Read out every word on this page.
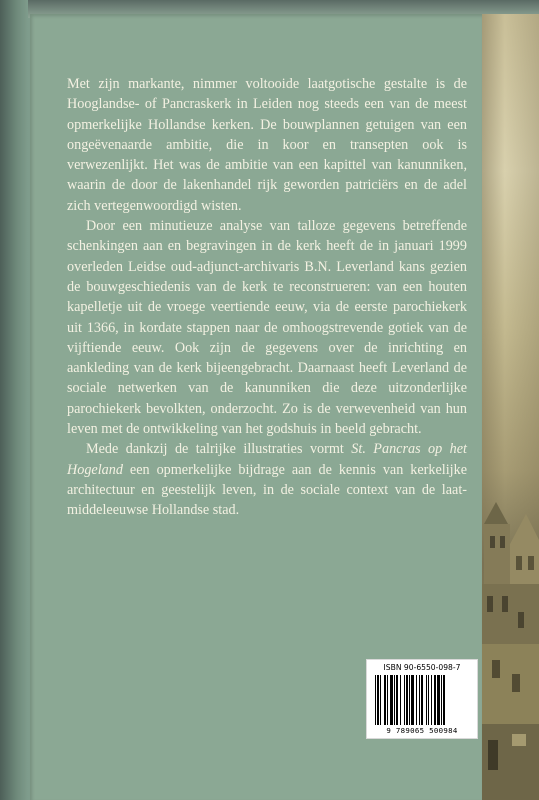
Met zijn markante, nimmer voltooide laatgotische gestalte is de Hooglandse- of Pancraskerk in Leiden nog steeds een van de meest opmerkelijke Hollandse kerken. De bouwplannen getuigen van een ongeëvenaarde ambitie, die in koor en transepten ook is verwezenlijkt. Het was de ambitie van een kapittel van kanunniken, waarin de door de lakenhandel rijk geworden patriciërs en de adel zich vertegenwoordigd wisten.

Door een minutieuze analyse van talloze gegevens betreffende schenkingen aan en begravingen in de kerk heeft de in januari 1999 overleden Leidse oud-adjunct-archivaris B.N. Leverland kans gezien de bouwgeschiedenis van de kerk te reconstrueren: van een houten kapelletje uit de vroege veertiende eeuw, via de eerste parochiekerk uit 1366, in kordate stappen naar de omhoogstrevende gotiek van de vijftiende eeuw. Ook zijn de gegevens over de inrichting en aankleding van de kerk bijeengebracht. Daarnaast heeft Leverland de sociale netwerken van de kanunniken die deze uitzonderlijke parochiekerk bevolkten, onderzocht. Zo is de verwevenheid van hun leven met de ontwikkeling van het godshuis in beeld gebracht.

Mede dankzij de talrijke illustraties vormt St. Pancras op het Hogeland een opmerkelijke bijdrage aan de kennis van kerkelijke architectuur en geestelijk leven, in de sociale context van de laat-middeleeuwse Hollandse stad.

ISBN 90-6550-098-7
9 789065 500984
